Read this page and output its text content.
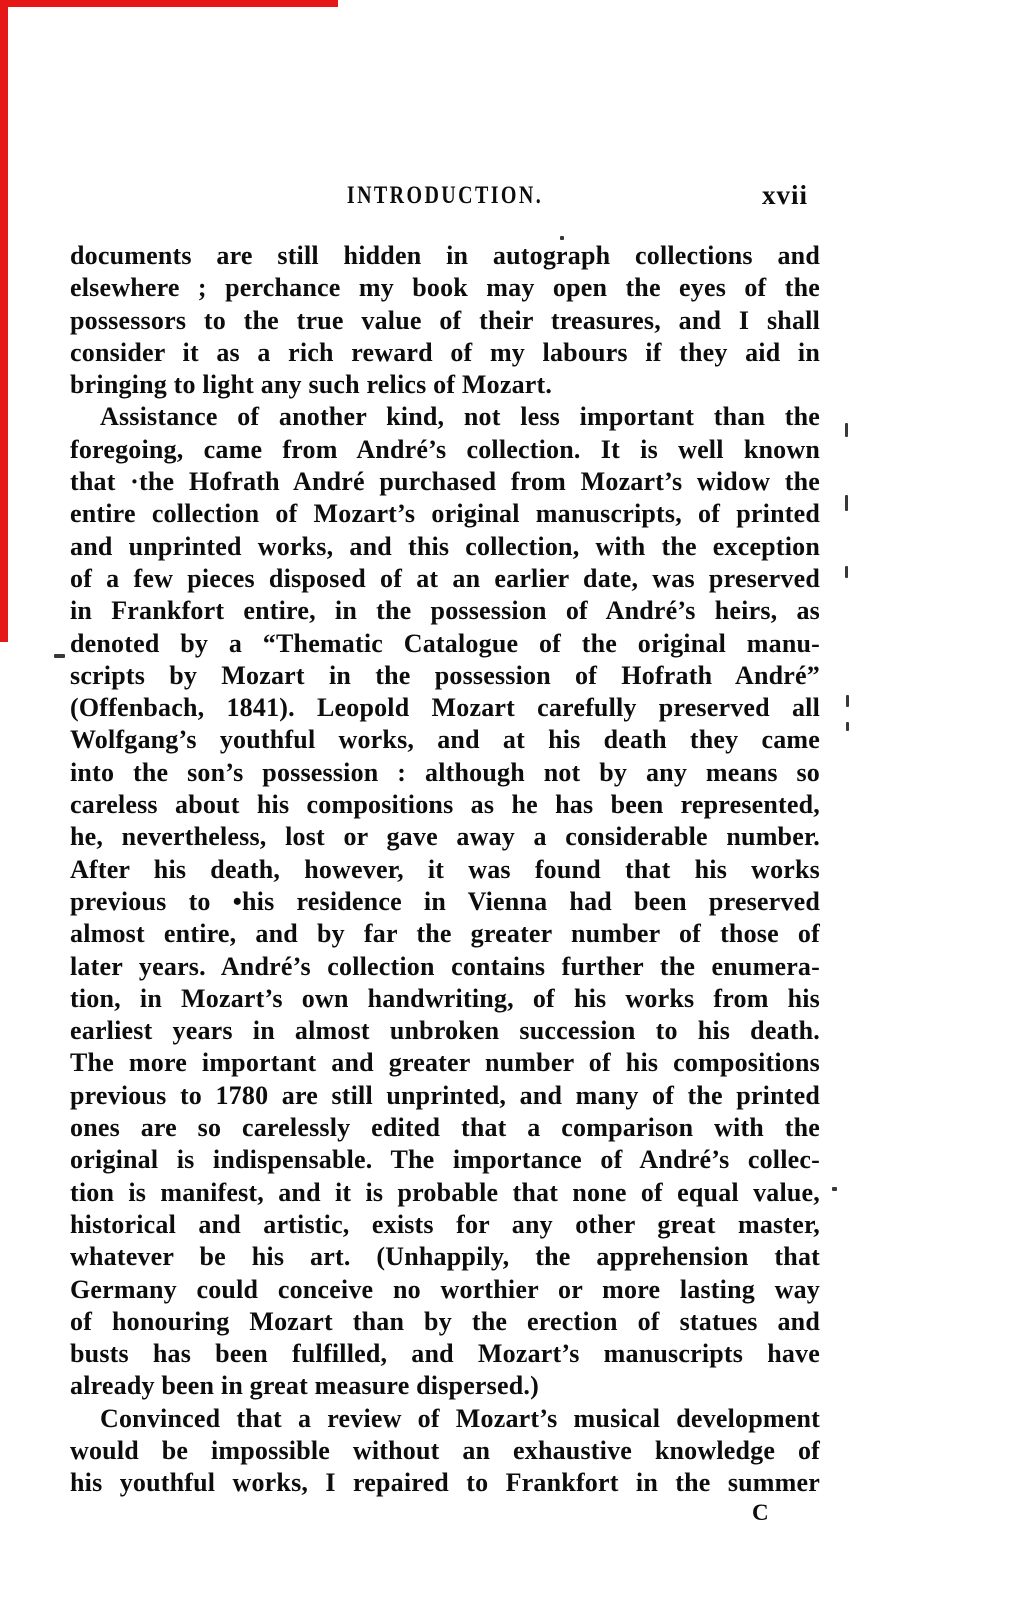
INTRODUCTION.	xvii
documents are still hidden in autograph collections and
elsewhere ; perchance my book may open the eyes of the
possessors to the true value of their treasures, and I shall
consider it as a rich reward of my labours if they aid in
bringing to light any such relics of Mozart.
Assistance of another kind, not less important than the
foregoing, came from André’s collection. It is well known
that ·the Hofrath André purchased from Mozart’s widow the
entire collection of Mozart’s original manuscripts, of printed
and unprinted works, and this collection, with the exception
of a few pieces disposed of at an earlier date, was preserved
in Frankfort entire, in the possession of André’s heirs, as
denoted by a “Thematic Catalogue of the original manu-
scripts by Mozart in the possession of Hofrath André”
(Offenbach, 1841). Leopold Mozart carefully preserved all
Wolfgang’s youthful works, and at his death they came
into the son’s possession : although not by any means so
careless about his compositions as he has been represented,
he, nevertheless, lost or gave away a considerable number.
After his death, however, it was found that his works
previous to •his residence in Vienna had been preserved
almost entire, and by far the greater number of those of
later years. André’s collection contains further the enumera-
tion, in Mozart’s own handwriting, of his works from his
earliest years in almost unbroken succession to his death.
The more important and greater number of his compositions
previous to 1780 are still unprinted, and many of the printed
ones are so carelessly edited that a comparison with the
original is indispensable. The importance of André’s collec-
tion is manifest, and it is probable that none of equal value,
historical and artistic, exists for any other great master,
whatever be his art. (Unhappily, the apprehension that
Germany could conceive no worthier or more lasting way
of honouring Mozart than by the erection of statues and
busts has been fulfilled, and Mozart’s manuscripts have
already been in great measure dispersed.)
Convinced that a review of Mozart’s musical development
would be impossible without an exhaustive knowledge of
his youthful works, I repaired to Frankfort in the summer
C
